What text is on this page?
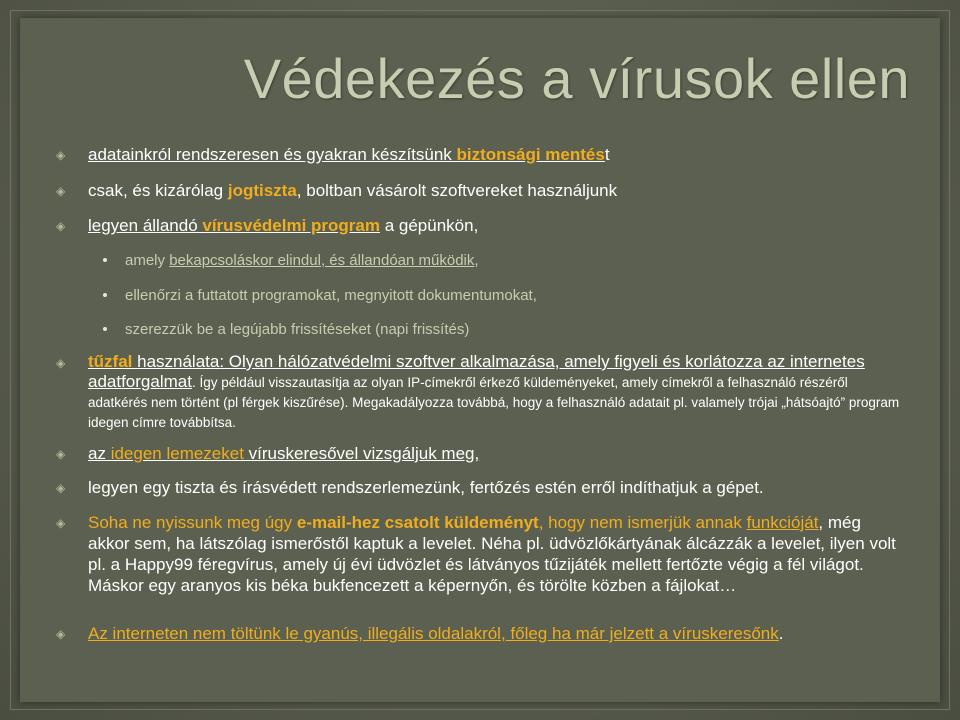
Védekezés a vírusok ellen
◈ adatainkról rendszeresen és gyakran készítsünk biztonsági mentést
◈ csak, és kizárólag jogtiszta, boltban vásárolt szoftvereket használjunk
◈ legyen állandó vírusvédelmi program a gépünkön,
amely bekapcsoláskor elindul, és állandóan működik,
ellenőrzi a futtatott programokat, megnyitott dokumentumokat,
szerezzük be a legújabb frissítéseket (napi frissítés)
◈ tűzfal használata: Olyan hálózatvédelmi szoftver alkalmazása, amely figyeli és korlátozza az internetes adatforgalmat. Így például visszautasítja az olyan IP-címekről érkező küldeményeket, amely címekről a felhasználó részéről adatkérés nem történt (pl férgek kiszűrése). Megakadályozza továbbá, hogy a felhasználó adatait pl. valamely trójai „hátsóajtó” program idegen címre továbbítsa.
◈ az idegen lemezeket víruskeresővel vizsgáljuk meg,
◈ legyen egy tiszta és írásvédett rendszerlemezünk, fertőzés estén erről indíthatjuk a gépet.
◈ Soha ne nyissunk meg úgy e-mail-hez csatolt küldeményt, hogy nem ismerjük annak funkcióját, még akkor sem, ha látszólag ismerőstől kaptuk a levelet. Néha pl. üdvözlőkártyának álcázzák a levelet, ilyen volt pl. a Happy99 féregvírus, amely új évi üdvözlet és látványos tűzijáték mellett fertőzte végig a fél világot. Máskor egy aranyos kis béka bukfencezett a képernyőn, és törölte közben a fájlokat…
◈ Az interneten nem töltünk le gyanús, illegális oldalakról, főleg ha már jelzett a víruskeresőnk.
